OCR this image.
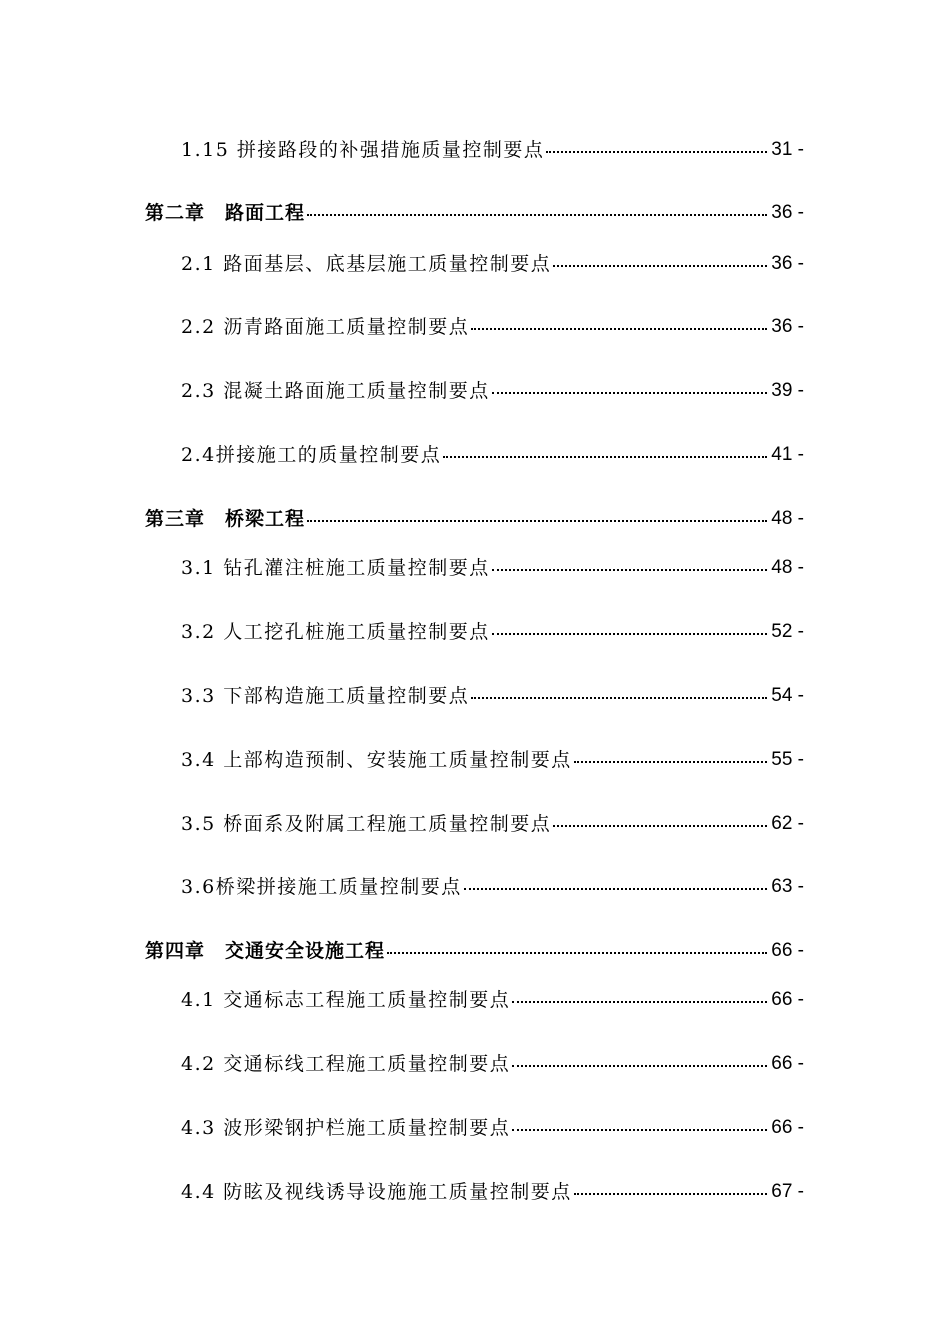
1.15 拼接路段的补强措施质量控制要点	31 -
第二章　路面工程	36 -
2.1 路面基层、底基层施工质量控制要点	36 -
2.2 沥青路面施工质量控制要点	36 -
2.3 混凝土路面施工质量控制要点	39 -
2.4拼接施工的质量控制要点	41 -
第三章　桥梁工程	48 -
3.1 钻孔灌注桩施工质量控制要点	48 -
3.2 人工挖孔桩施工质量控制要点	52 -
3.3 下部构造施工质量控制要点	54 -
3.4 上部构造预制、安装施工质量控制要点	55 -
3.5 桥面系及附属工程施工质量控制要点	62 -
3.6桥梁拼接施工质量控制要点	63 -
第四章　交通安全设施工程	66 -
4.1 交通标志工程施工质量控制要点	66 -
4.2 交通标线工程施工质量控制要点	66 -
4.3 波形梁钢护栏施工质量控制要点	66 -
4.4 防眩及视线诱导设施施工质量控制要点	67 -
